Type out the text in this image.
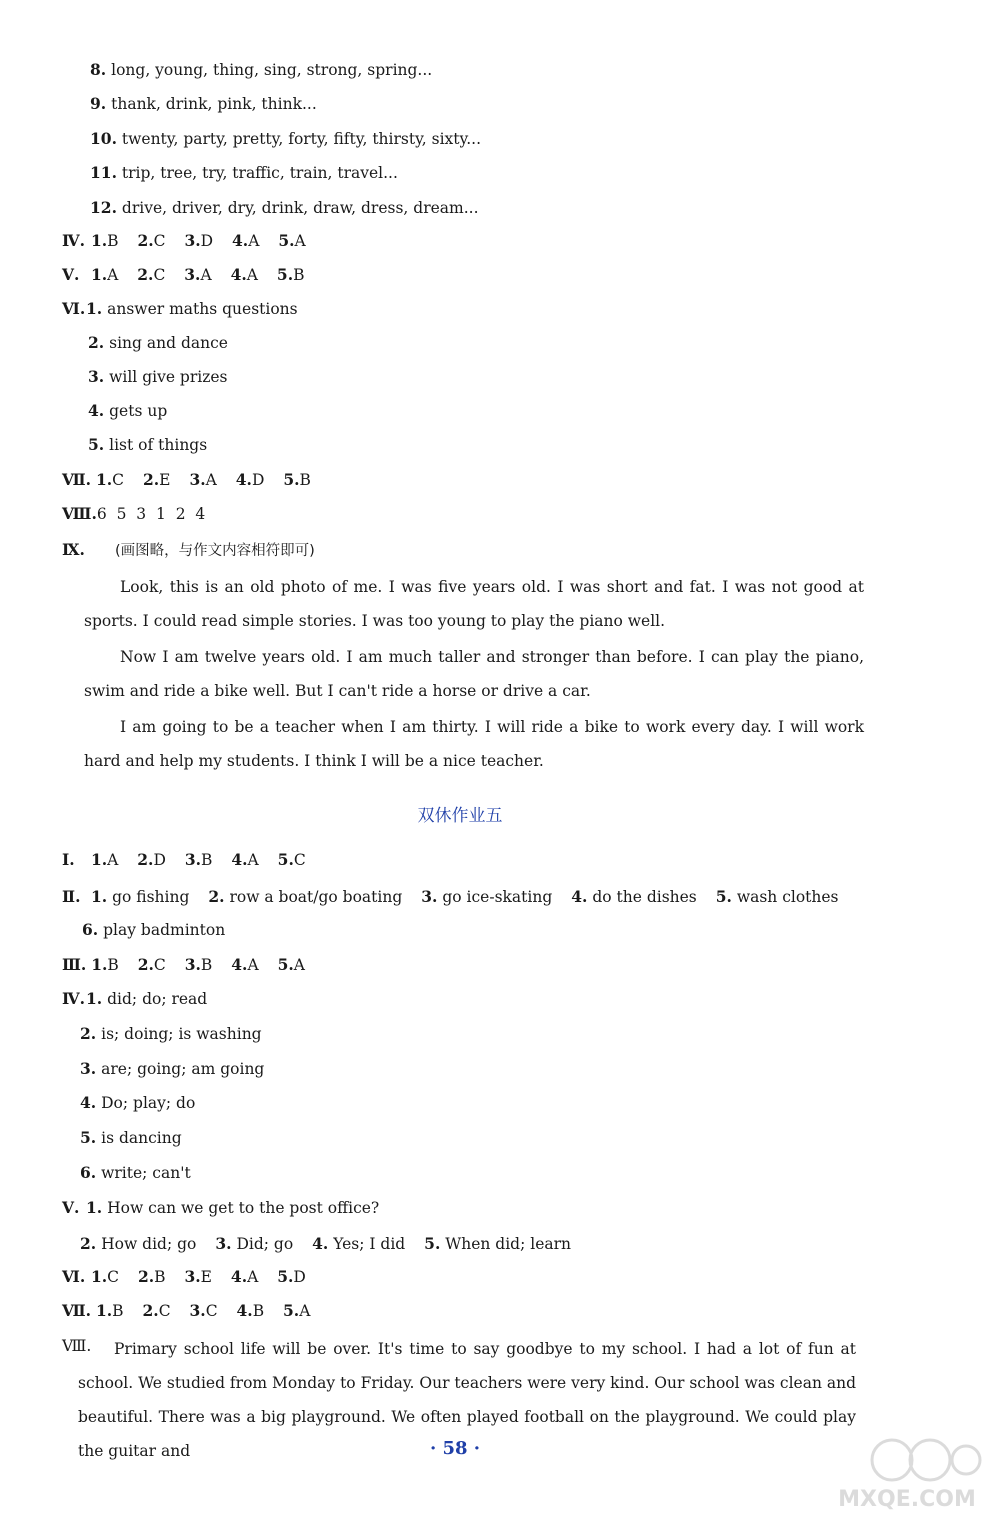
8. long, young, thing, sing, strong, spring...
9. thank, drink, pink, think...
10. twenty, party, pretty, forty, fifty, thirsty, sixty...
11. trip, tree, try, traffic, train, travel...
12. drive, driver, dry, drink, draw, dress, dream...
Ⅳ. 1.B 2.C 3.D 4.A 5.A
Ⅴ. 1.A 2.C 3.A 4.A 5.B
Ⅵ.1. answer maths questions
2. sing and dance
3. will give prizes
4. gets up
5. list of things
Ⅶ. 1.C 2.E 3.A 4.D 5.B
Ⅷ.6  5  3  1  2  4
Ⅸ. (画图略，与作文内容相符即可)
Look, this is an old photo of me. I was five years old. I was short and fat. I was not good at sports. I could read simple stories. I was too young to play the piano well.
Now I am twelve years old. I am much taller and stronger than before. I can play the piano, swim and ride a bike well. But I can't ride a horse or drive a car.
I am going to be a teacher when I am thirty. I will ride a bike to work every day. I will work hard and help my students. I think I will be a nice teacher.
双休作业五
Ⅰ. 1.A 2.D 3.B 4.A 5.C
Ⅱ. 1. go fishing 2. row a boat/go boating 3. go ice-skating 4. do the dishes 5. wash clothes
6. play badminton
Ⅲ. 1.B 2.C 3.B 4.A 5.A
Ⅳ.1. did; do; read
2. is; doing; is washing
3. are; going; am going
4. Do; play; do
5. is dancing
6. write; can't
Ⅴ. 1. How can we get to the post office?
2. How did; go 3. Did; go 4. Yes; I did 5. When did; learn
Ⅵ. 1.C 2.B 3.E 4.A 5.D
Ⅶ. 1.B 2.C 3.C 4.B 5.A
Ⅷ.	Primary school life will be over. It's time to say goodbye to my school. I had a lot of fun at school. We studied from Monday to Friday. Our teachers were very kind. Our school was clean and beautiful. There was a big playground. We often played football on the playground. We could play the guitar and	· 58 ·
MXQE.COM
